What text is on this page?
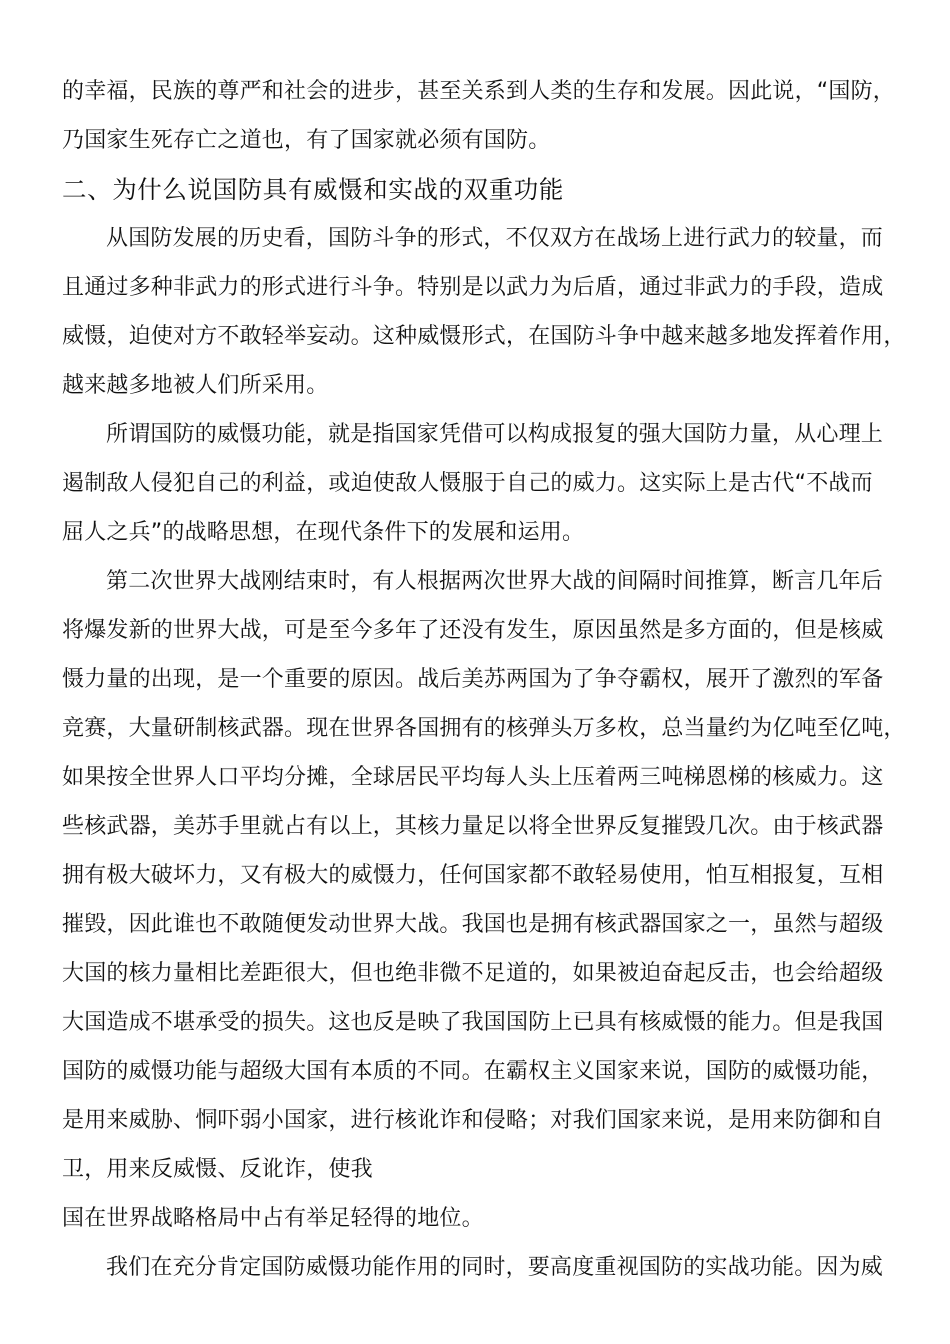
的幸福，民族的尊严和社会的进步，甚至关系到人类的生存和发展。因此说，“国防，
乃国家生死存亡之道也，有了国家就必须有国防。
二、为什么说国防具有威慑和实战的双重功能
从国防发展的历史看，国防斗争的形式，不仅双方在战场上进行武力的较量，而
且通过多种非武力的形式进行斗争。特别是以武力为后盾，通过非武力的手段，造成
威慑，迫使对方不敢轻举妄动。这种威慑形式，在国防斗争中越来越多地发挥着作用，
越来越多地被人们所采用。
所谓国防的威慑功能，就是指国家凭借可以构成报复的强大国防力量，从心理上
遏制敌人侵犯自己的利益，或迫使敌人慑服于自己的威力。这实际上是古代“不战而
屈人之兵”的战略思想，在现代条件下的发展和运用。
第二次世界大战刚结束时，有人根据两次世界大战的间隔时间推算，断言几年后
将爆发新的世界大战，可是至今多年了还没有发生，原因虽然是多方面的，但是核威
慑力量的出现，是一个重要的原因。战后美苏两国为了争夺霸权，展开了激烈的军备
竞赛，大量研制核武器。现在世界各国拥有的核弹头万多枚，总当量约为亿吨至亿吨，
如果按全世界人口平均分摊，全球居民平均每人头上压着两三吨梯恩梯的核威力。这
些核武器，美苏手里就占有以上，其核力量足以将全世界反复摧毁几次。由于核武器
拥有极大破坏力，又有极大的威慑力，任何国家都不敢轻易使用，怕互相报复，互相
摧毁，因此谁也不敢随便发动世界大战。我国也是拥有核武器国家之一，虽然与超级
大国的核力量相比差距很大，但也绝非微不足道的，如果被迫奋起反击，也会给超级
大国造成不堪承受的损失。这也反是映了我国国防上已具有核威慑的能力。但是我国
国防的威慑功能与超级大国有本质的不同。在霸权主义国家来说，国防的威慑功能，
是用来威胁、恫吓弱小国家，进行核讹诈和侵略；对我们国家来说，是用来防御和自
卫，用来反威慑、反讹诈，使我
国在世界战略格局中占有举足轻得的地位。
我们在充分肯定国防威慑功能作用的同时，要高度重视国防的实战功能。因为威
